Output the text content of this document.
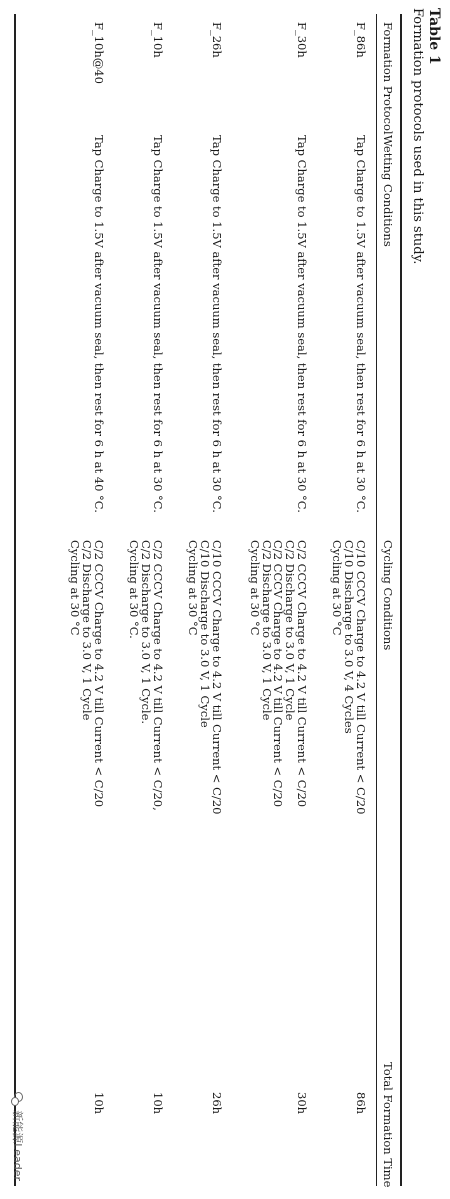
Table 1
Formation protocols used in this study.
Formation Protocol
Wetting Conditions
Cycling Conditions
Total Formation Time
F_86h
Tap Charge to 1.5V after vacuum seal, then rest for 6 h at 30 °C.
C/10 CCCV Charge to 4.2 V till Current < C/20
C/10 Discharge to 3.0 V, 4 Cycles
Cycling at 30 °C
86h
F_30h
Tap Charge to 1.5V after vacuum seal, then rest for 6 h at 30 °C.
C/2 CCCV Charge to 4.2 V till Current < C/20
C/2 Discharge to 3.0 V, 1 Cycle
C/2 CCCV Charge to 4.2 V till Current < C/20
C/2 Discharge to 3.0 V, 1 Cycle
Cycling at 30 °C
30h
F_26h
Tap Charge to 1.5V after vacuum seal, then rest for 6 h at 30 °C.
C/10 CCCV Charge to 4.2 V till Current < C/20
C/10 Discharge to 3.0 V, 1 Cycle
Cycling at 30 °C
26h
F_10h
Tap Charge to 1.5V after vacuum seal, then rest for 6 h at 30 °C.
C/2 CCCV Charge to 4.2 V till Current < C/20,
C/2 Discharge to 3.0 V, 1 Cycle.
Cycling at 30 °C.
10h
F_10h@40
Tap Charge to 1.5V after vacuum seal, then rest for 6 h at 40 °C.
C/2 CCCV Charge to 4.2 V till Current < C/20
C/2 Discharge to 3.0 V, 1 Cycle
Cycling at 30 °C
10h
新能源Leader
